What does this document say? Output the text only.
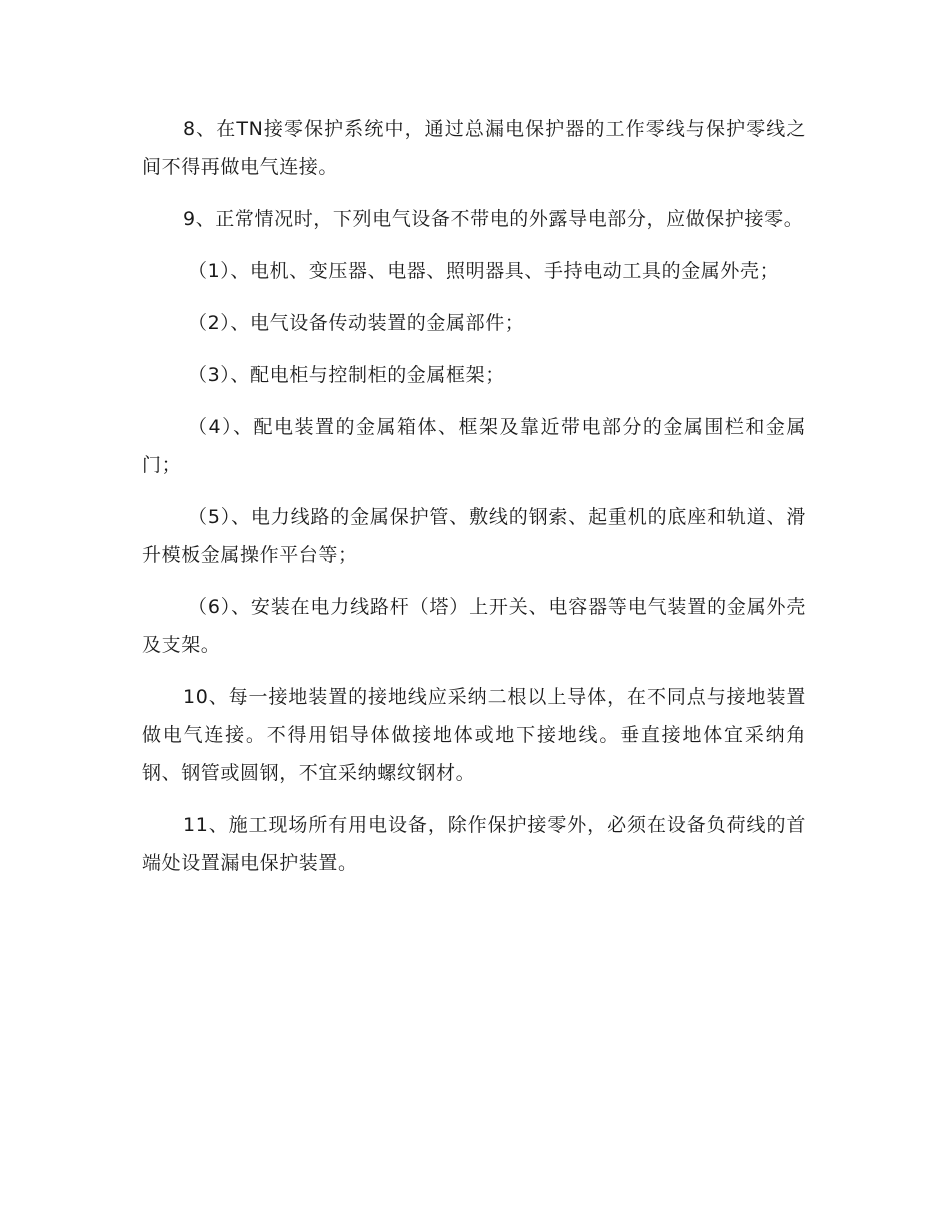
8、在TN接零保护系统中，通过总漏电保护器的工作零线与保护零线之间不得再做电气连接。

9、正常情况时，下列电气设备不带电的外露导电部分，应做保护接零。

（1）、电机、变压器、电器、照明器具、手持电动工具的金属外壳；

（2）、电气设备传动装置的金属部件；

（3）、配电柜与控制柜的金属框架；

（4）、配电装置的金属箱体、框架及靠近带电部分的金属围栏和金属门；

（5）、电力线路的金属保护管、敷线的钢索、起重机的底座和轨道、滑升模板金属操作平台等；

（6）、安装在电力线路杆（塔）上开关、电容器等电气装置的金属外壳及支架。

10、每一接地装置的接地线应采纳二根以上导体，在不同点与接地装置做电气连接。不得用铝导体做接地体或地下接地线。垂直接地体宜采纳角钢、钢管或圆钢，不宜采纳螺纹钢材。

11、施工现场所有用电设备，除作保护接零外，必须在设备负荷线的首端处设置漏电保护装置。
